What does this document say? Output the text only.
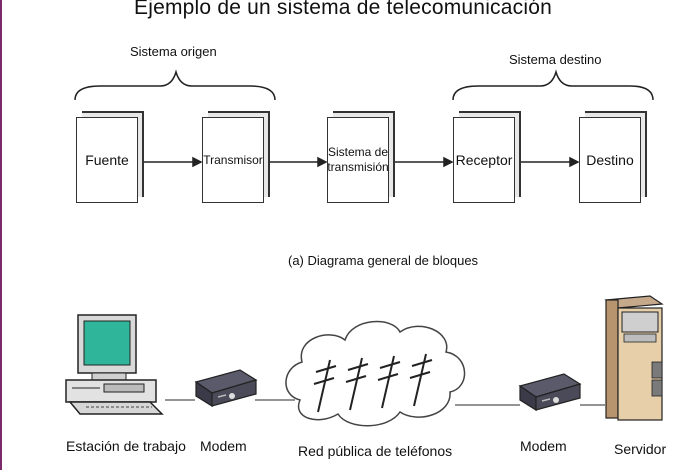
Ejemplo de un sistema de telecomunicación
Sistema origen
Sistema destino
Fuente	Transmisor
Sistema de transmisión	Receptor	Destino
(a) Diagrama general de bloques
Estación de trabajo Modem	Red pública de teléfonos	Modem	Servidor
